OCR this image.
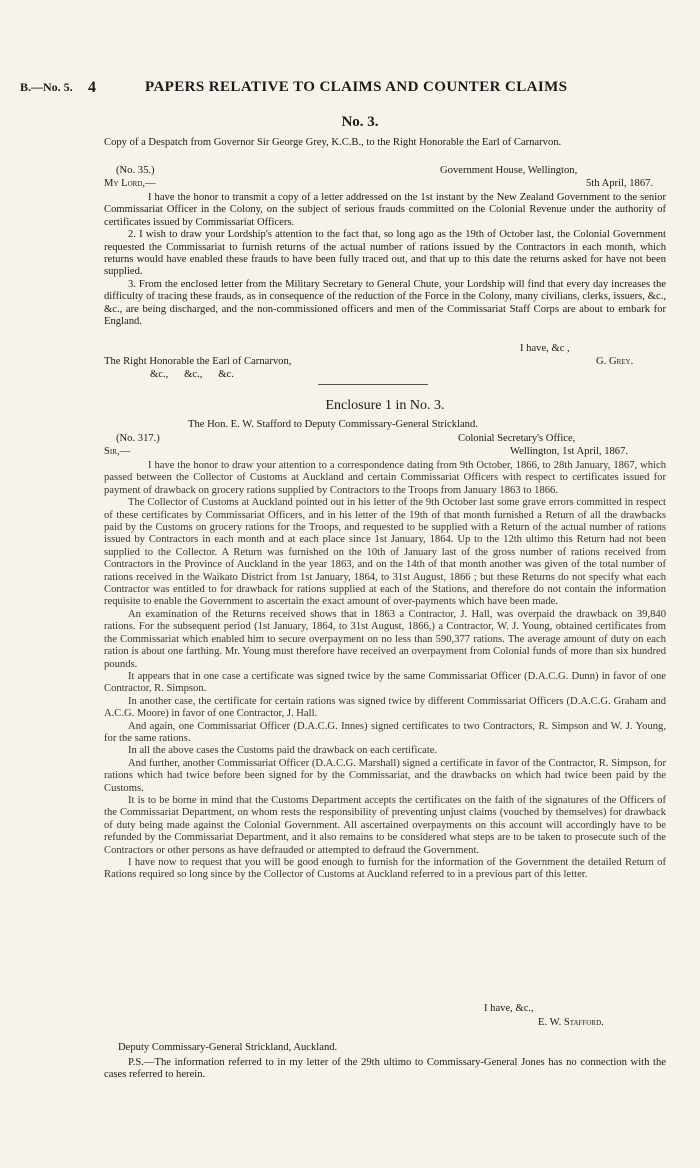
B.—No. 5. 4	PAPERS RELATIVE TO CLAIMS AND COUNTER CLAIMS
No. 3.
Copy of a Despatch from Governor Sir George Grey, K.C.B., to the Right Honorable the Earl of Carnarvon.
(No. 35.)	Government House, Wellington,
My Lord,—	5th April, 1867.
I have the honor to transmit a copy of a letter addressed on the 1st instant by the New Zealand Government to the senior Commissariat Officer in the Colony, on the subject of serious frauds committed on the Colonial Revenue under the authority of certificates issued by Commissariat Officers.
2. I wish to draw your Lordship's attention to the fact that, so long ago as the 19th of October last, the Colonial Government requested the Commissariat to furnish returns of the actual number of rations issued by the Contractors in each month, which returns would have enabled these frauds to have been fully traced out, and that up to this date the returns asked for have not been supplied.
3. From the enclosed letter from the Military Secretary to General Chute, your Lordship will find that every day increases the difficulty of tracing these frauds, as in consequence of the reduction of the Force in the Colony, many civilians, clerks, issuers, &c., &c., are being discharged, and the non-commissioned officers and men of the Commissariat Staff Corps are about to embark for England.
I have, &c ,
The Right Honorable the Earl of Carnarvon,	G. Grey.
&c.,      &c.,      &c.
Enclosure 1 in No. 3.
The Hon. E. W. Stafford to Deputy Commissary-General Strickland.
(No. 317.)	Colonial Secretary's Office,
Sir,—	Wellington, 1st April, 1867.
I have the honor to draw your attention to a correspondence dating from 9th October, 1866, to 28th January, 1867, which passed between the Collector of Customs at Auckland and certain Commissariat Officers with respect to certificates issued for payment of drawback on grocery rations supplied by Contractors to the Troops from January 1863 to 1866.
The Collector of Customs at Auckland pointed out in his letter of the 9th October last some grave errors committed in respect of these certificates by Commissariat Officers, and in his letter of the 19th of that month furnished a Return of all the drawbacks paid by the Customs on grocery rations for the Troops, and requested to be supplied with a Return of the actual number of rations issued by Contractors in each month and at each place since 1st January, 1864. Up to the 12th ultimo this Return had not been supplied to the Collector. A Return was furnished on the 10th of January last of the gross number of rations received from Contractors in the Province of Auckland in the year 1863, and on the 14th of that month another was given of the total number of rations received in the Waikato District from 1st January, 1864, to 31st August, 1866 ; but these Returns do not specify what each Contractor was entitled to for drawback for rations supplied at each of the Stations, and therefore do not contain the information requisite to enable the Government to ascertain the exact amount of over-payments which have been made.
An examination of the Returns received shows that in 1863 a Contractor, J. Hall, was overpaid the drawback on 39,840 rations. For the subsequent period (1st January, 1864, to 31st August, 1866,) a Contractor, W. J. Young, obtained certificates from the Commissariat which enabled him to secure overpayment on no less than 590,377 rations. The average amount of duty on each ration is about one farthing. Mr. Young must therefore have received an overpayment from Colonial funds of more than six hundred pounds.
It appears that in one case a certificate was signed twice by the same Commissariat Officer (D.A.C.G. Dunn) in favor of one Contractor, R. Simpson.
In another case, the certificate for certain rations was signed twice by different Commissariat Officers (D.A.C.G. Graham and A.C.G. Moore) in favor of one Contractor, J. Hall.
And again, one Commissariat Officer (D.A.C.G. Innes) signed certificates to two Contractors, R. Simpson and W. J. Young, for the same rations.
In all the above cases the Customs paid the drawback on each certificate.
And further, another Commissariat Officer (D.A.C.G. Marshall) signed a certificate in favor of the Contractor, R. Simpson, for rations which had twice before been signed for by the Commissariat, and the drawbacks on which had twice been paid by the Customs.
It is to be borne in mind that the Customs Department accepts the certificates on the faith of the signatures of the Officers of the Commissariat Department, on whom rests the responsibility of preventing unjust claims (vouched by themselves) for drawback of duty being made against the Colonial Government. All ascertained overpayments on this account will accordingly have to be refunded by the Commissariat Department, and it also remains to be considered what steps are to be taken to prosecute such of the Contractors or other persons as have defrauded or attempted to defraud the Government.
I have now to request that you will be good enough to furnish for the information of the Government the detailed Return of Rations required so long since by the Collector of Customs at Auckland referred to in a previous part of this letter.
I have, &c.,
E. W. Stafford.
Deputy Commissary-General Strickland, Auckland.
P.S.—The information referred to in my letter of the 29th ultimo to Commissary-General Jones has no connection with the cases referred to herein.
